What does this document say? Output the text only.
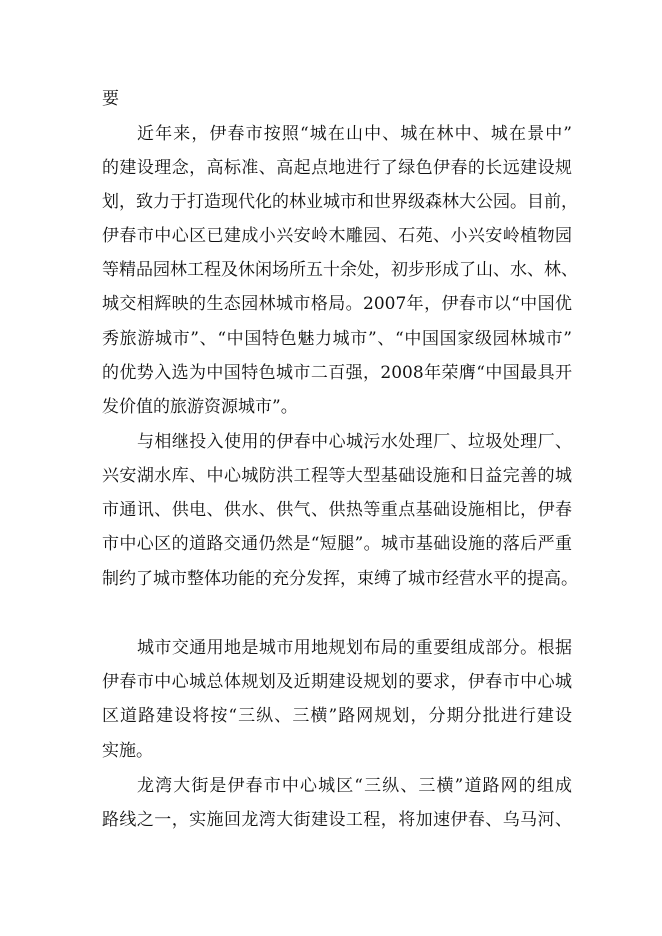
要
近年来，伊春市按照“城在山中、城在林中、城在景中”
的建设理念，高标准、高起点地进行了绿色伊春的长远建设规
划，致力于打造现代化的林业城市和世界级森林大公园。目前，
伊春市中心区已建成小兴安岭木雕园、石苑、小兴安岭植物园
等精品园林工程及休闲场所五十余处，初步形成了山、水、林、
城交相辉映的生态园林城市格局。2007年，伊春市以“中国优
秀旅游城市”、“中国特色魅力城市”、“中国国家级园林城市”
的优势入选为中国特色城市二百强，2008年荣膺“中国最具开
发价值的旅游资源城市”。
与相继投入使用的伊春中心城污水处理厂、垃圾处理厂、
兴安湖水库、中心城防洪工程等大型基础设施和日益完善的城
市通讯、供电、供水、供气、供热等重点基础设施相比，伊春
市中心区的道路交通仍然是“短腿”。城市基础设施的落后严重
制约了城市整体功能的充分发挥，束缚了城市经营水平的提高。
城市交通用地是城市用地规划布局的重要组成部分。根据
伊春市中心城总体规划及近期建设规划的要求，伊春市中心城
区道路建设将按“三纵、三横”路网规划，分期分批进行建设
实施。
龙湾大街是伊春市中心城区“三纵、三横”道路网的组成
路线之一，实施回龙湾大街建设工程，将加速伊春、乌马河、
